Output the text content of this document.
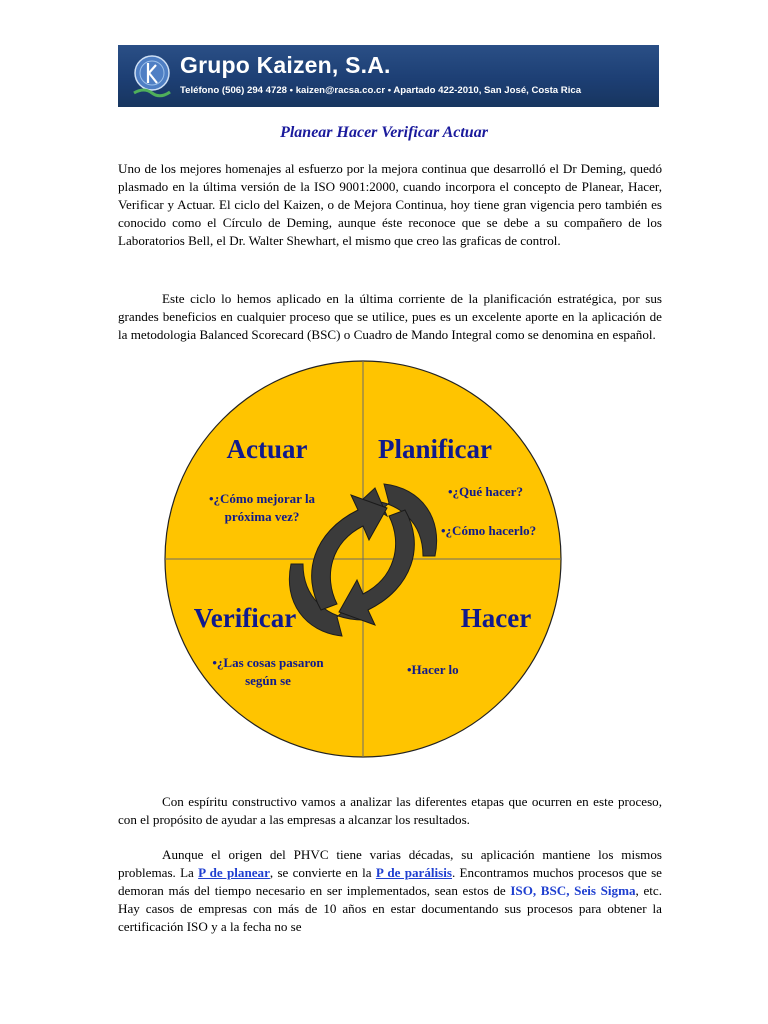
Grupo Kaizen, S.A.
Teléfono (506) 294 4728 • kaizen@racsa.co.cr • Apartado 422-2010, San José, Costa Rica
Planear Hacer Verificar Actuar

Uno de los mejores homenajes al esfuerzo por la mejora continua que desarrolló el Dr Deming, quedó plasmado en la última versión de la ISO 9001:2000, cuando incorpora el concepto de Planear, Hacer, Verificar y Actuar. El ciclo del Kaizen, o de Mejora Continua, hoy tiene gran vigencia pero también es conocido como el Círculo de Deming, aunque éste reconoce que se debe a su compañero de los Laboratorios Bell, el Dr. Walter Shewhart, el mismo que creo las graficas de control.

Este ciclo lo hemos aplicado en la última corriente de la planificación estratégica, por sus grandes beneficios en cualquier proceso que se utilice, pues es un excelente aporte en la aplicación de la metodologia Balanced Scorecard (BSC) o Cuadro de Mando Integral como se denomina en español.

Actuar
•¿Cómo mejorar la
próxima vez?
Planificar
•¿Qué hacer?
•¿Cómo hacerlo?
Verificar
•¿Las cosas pasaron
según se
Hacer
•Hacer lo

Con espíritu constructivo vamos a analizar las diferentes etapas que ocurren en este proceso, con el propósito de ayudar a las empresas a alcanzar los resultados.

Aunque el origen del PHVC tiene varias décadas, su aplicación mantiene los mismos problemas. La P de planear, se convierte en la P de parálisis. Encontramos muchos procesos que se demoran más del tiempo necesario en ser implementados, sean estos de ISO, BSC, Seis Sigma, etc. Hay casos de empresas con más de 10 años en estar documentando sus procesos para obtener la certificación ISO y a la fecha no se
